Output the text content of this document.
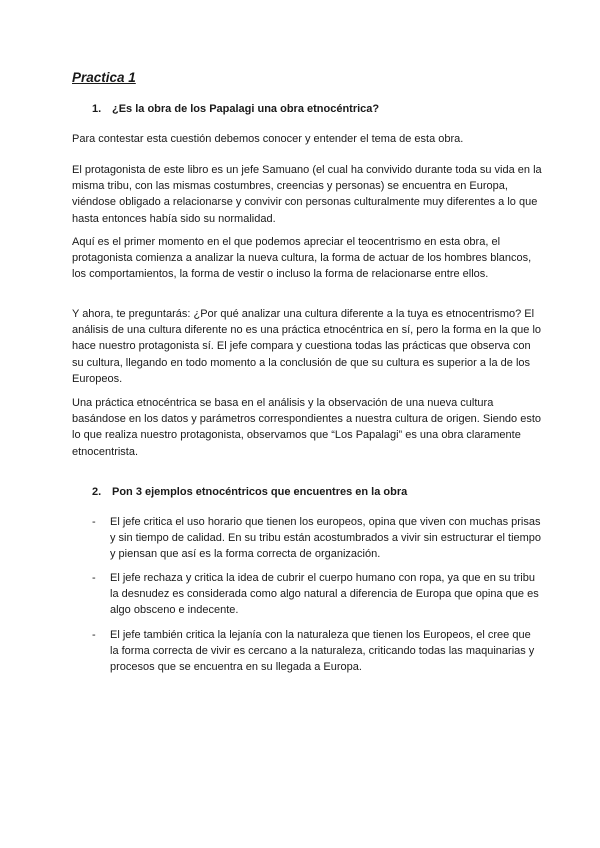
Practica 1
1. ¿Es la obra de los Papalagi una obra etnocéntrica?

Para contestar esta cuestión debemos conocer y entender el tema de esta obra.

El protagonista de este libro es un jefe Samuano (el cual ha convivido durante toda su vida en la misma tribu, con las mismas costumbres, creencias y personas) se encuentra en Europa, viéndose obligado a relacionarse y convivir con personas culturalmente muy diferentes a lo que hasta entonces había sido su normalidad.

Aquí es el primer momento en el que podemos apreciar el teocentrismo en esta obra, el protagonista comienza a analizar la nueva cultura, la forma de actuar de los hombres blancos, los comportamientos, la forma de vestir o incluso la forma de relacionarse entre ellos.

Y ahora, te preguntarás: ¿Por qué analizar una cultura diferente a la tuya es etnocentrismo? El análisis de una cultura diferente no es una práctica etnocéntrica en sí, pero la forma en la que lo hace nuestro protagonista sí. El jefe compara y cuestiona todas las prácticas que observa con su cultura, llegando en todo momento a la conclusión de que su cultura es superior a la de los Europeos.

Una práctica etnocéntrica se basa en el análisis y la observación de una nueva cultura basándose en los datos y parámetros correspondientes a nuestra cultura de origen. Siendo esto lo que realiza nuestro protagonista, observamos que “Los Papalagi” es una obra claramente etnocentrista.

2. Pon 3 ejemplos etnocéntricos que encuentres en la obra
-	El jefe critica el uso horario que tienen los europeos, opina que viven con muchas prisas y sin tiempo de calidad. En su tribu están acostumbrados a vivir sin estructurar el tiempo y piensan que así es la forma correcta de organización.
-	El jefe rechaza y critica la idea de cubrir el cuerpo humano con ropa, ya que en su tribu la desnudez es considerada como algo natural a diferencia de Europa que opina que es algo obsceno e indecente.
-	El jefe también critica la lejanía con la naturaleza que tienen los Europeos, el cree que la forma correcta de vivir es cercano a la naturaleza, criticando todas las maquinarias y procesos que se encuentra en su llegada a Europa.
